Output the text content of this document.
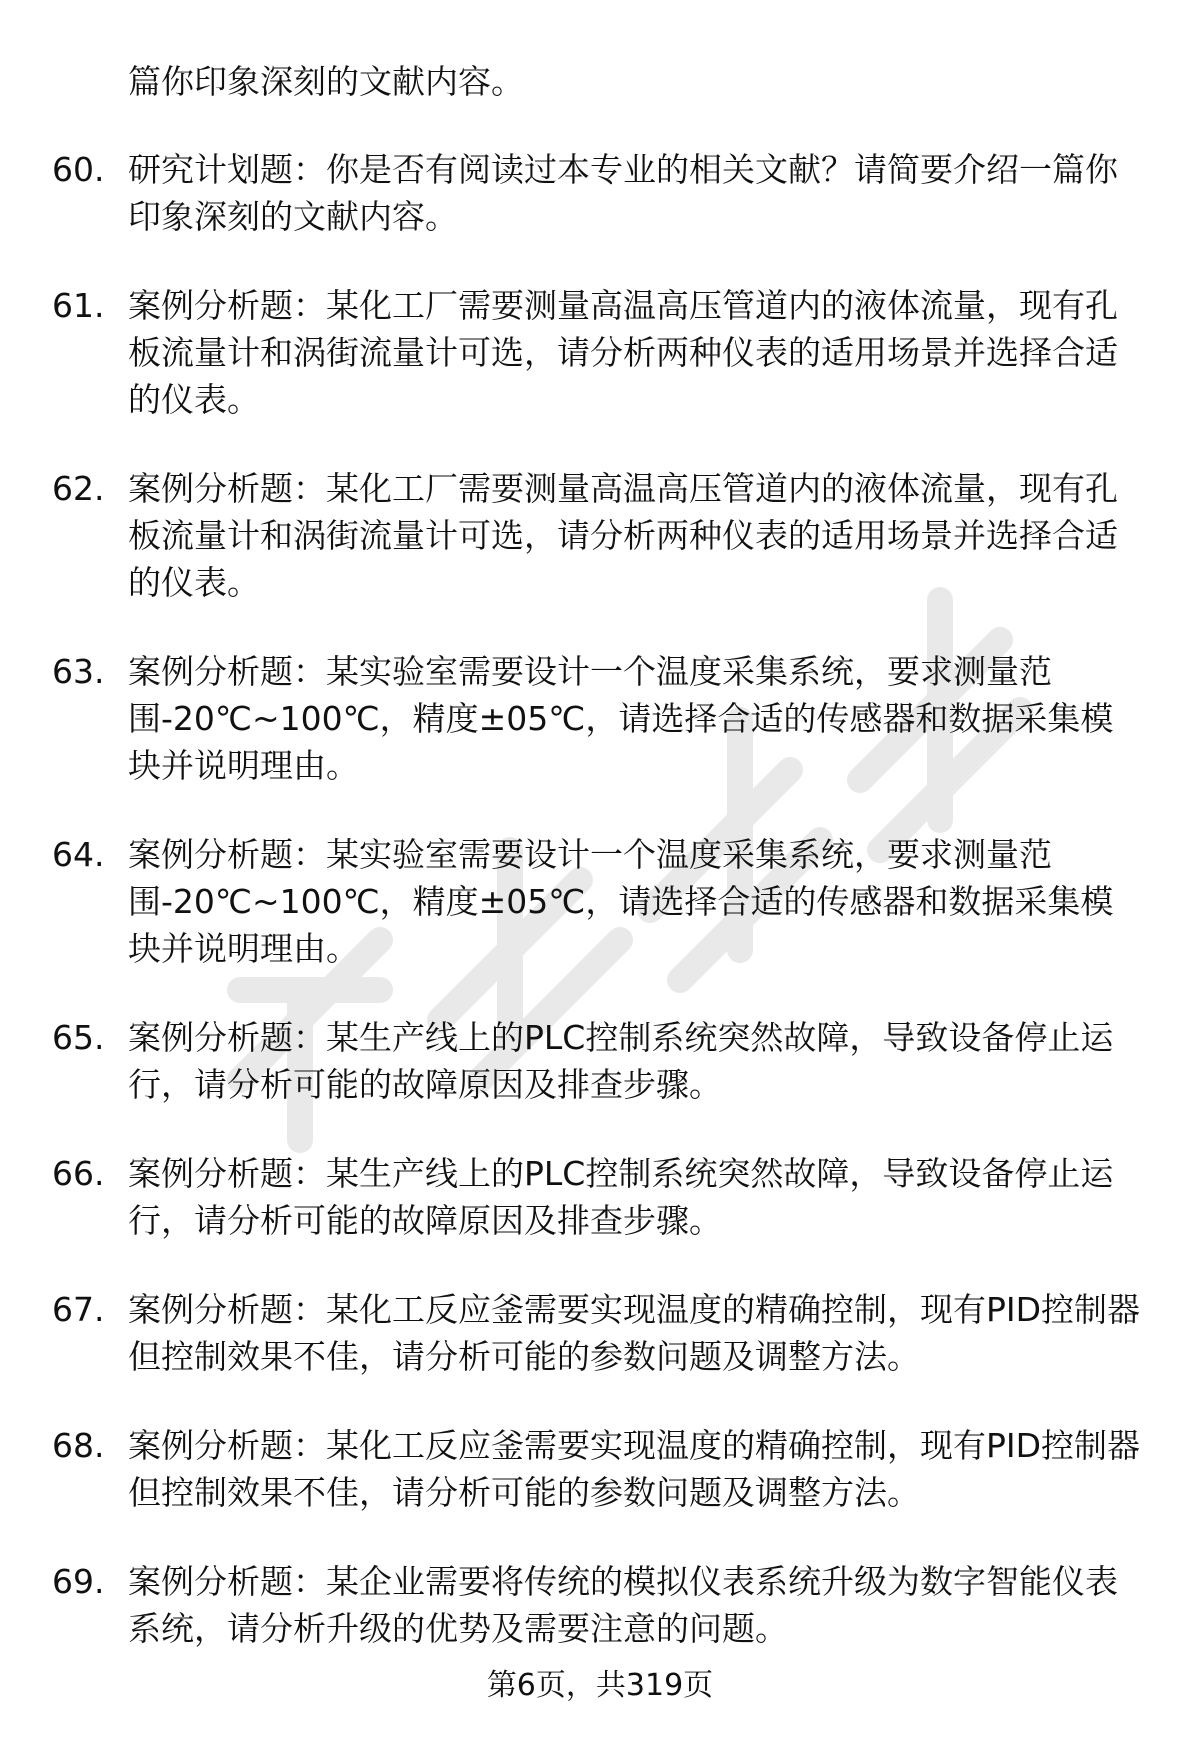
篇你印象深刻的文献内容。

60. 研究计划题：你是否有阅读过本专业的相关文献？请简要介绍一篇你印象深刻的文献内容。
61. 案例分析题：某化工厂需要测量高温高压管道内的液体流量，现有孔板流量计和涡街流量计可选，请分析两种仪表的适用场景并选择合适的仪表。
62. 案例分析题：某化工厂需要测量高温高压管道内的液体流量，现有孔板流量计和涡街流量计可选，请分析两种仪表的适用场景并选择合适的仪表。
63. 案例分析题：某实验室需要设计一个温度采集系统，要求测量范围-20℃~100℃，精度±05℃，请选择合适的传感器和数据采集模块并说明理由。
64. 案例分析题：某实验室需要设计一个温度采集系统，要求测量范围-20℃~100℃，精度±05℃，请选择合适的传感器和数据采集模块并说明理由。
65. 案例分析题：某生产线上的PLC控制系统突然故障，导致设备停止运行，请分析可能的故障原因及排查步骤。
66. 案例分析题：某生产线上的PLC控制系统突然故障，导致设备停止运行，请分析可能的故障原因及排查步骤。
67. 案例分析题：某化工反应釜需要实现温度的精确控制，现有PID控制器但控制效果不佳，请分析可能的参数问题及调整方法。
68. 案例分析题：某化工反应釜需要实现温度的精确控制，现有PID控制器但控制效果不佳，请分析可能的参数问题及调整方法。
69. 案例分析题：某企业需要将传统的模拟仪表系统升级为数字智能仪表系统，请分析升级的优势及需要注意的问题。
第6页，共319页
